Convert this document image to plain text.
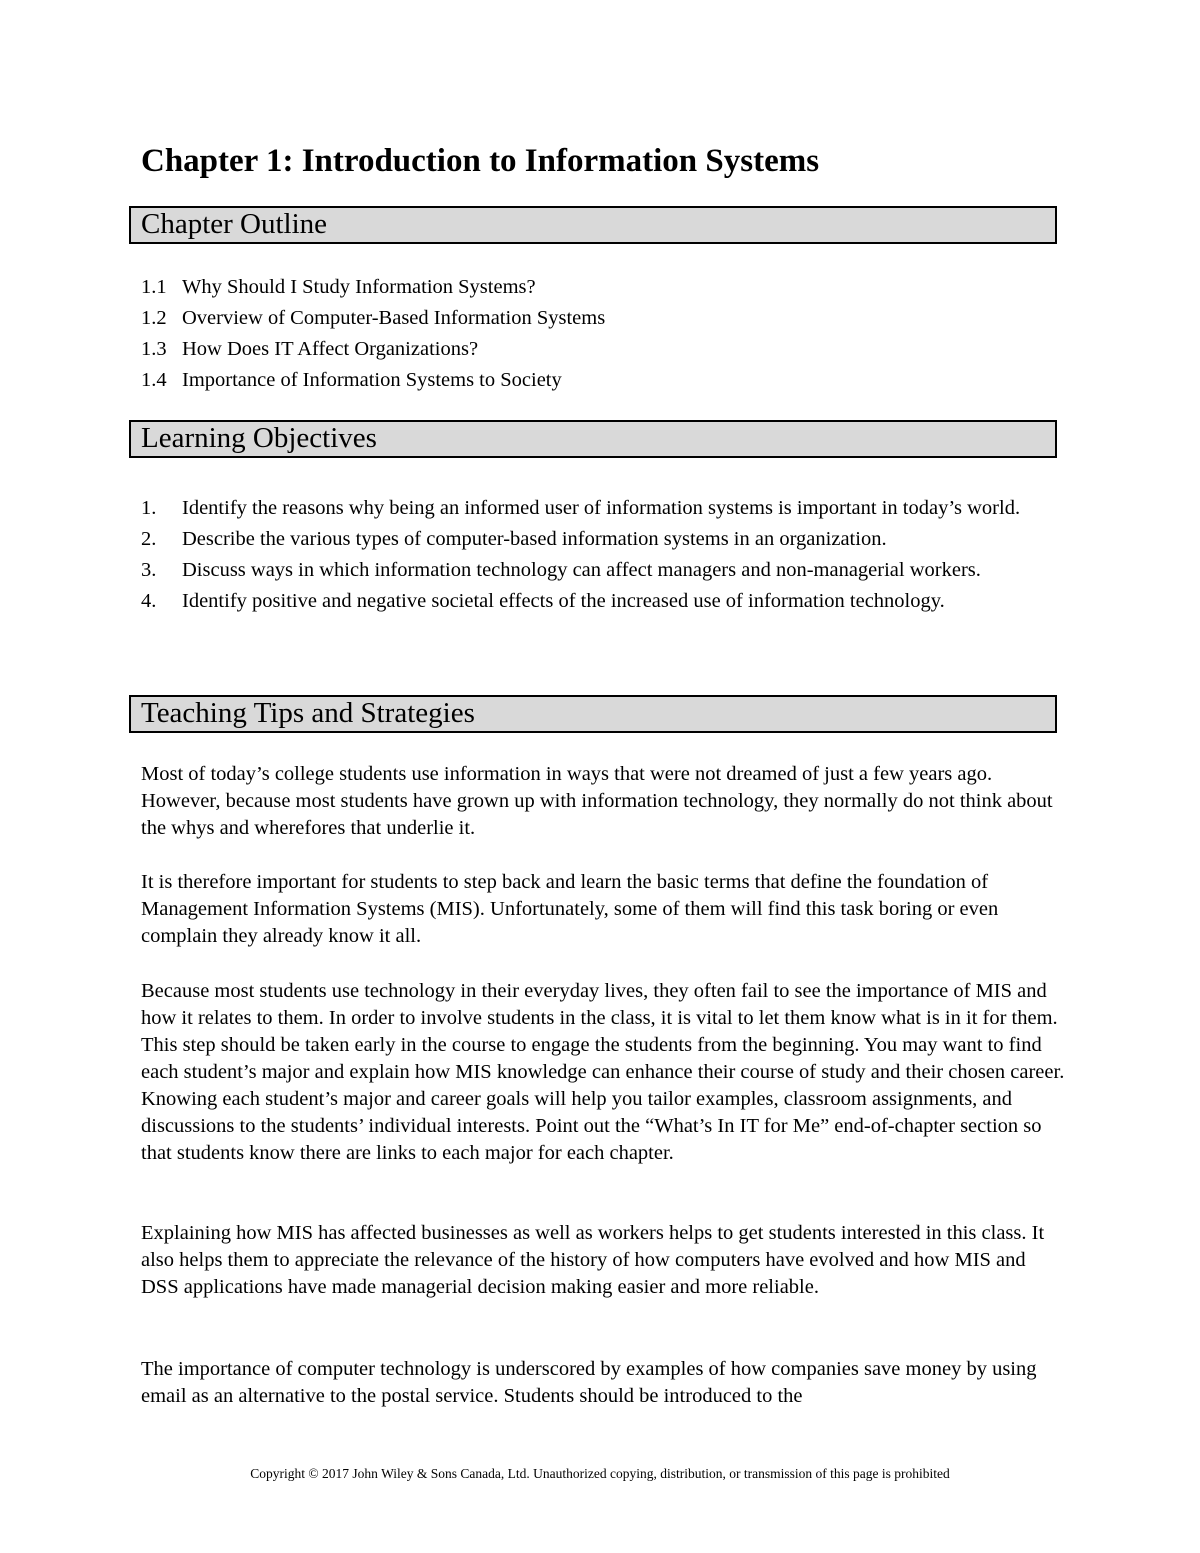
Chapter 1: Introduction to Information Systems
Chapter Outline
1.1 Why Should I Study Information Systems?
1.2 Overview of Computer-Based Information Systems
1.3 How Does IT Affect Organizations?
1.4 Importance of Information Systems to Society
Learning Objectives
1. Identify the reasons why being an informed user of information systems is important in today’s world.
2. Describe the various types of computer-based information systems in an organization.
3. Discuss ways in which information technology can affect managers and non-managerial workers.
4. Identify positive and negative societal effects of the increased use of information technology.
Teaching Tips and Strategies

Most of today’s college students use information in ways that were not dreamed of just a few years ago. However, because most students have grown up with information technology, they normally do not think about the whys and wherefores that underlie it.

It is therefore important for students to step back and learn the basic terms that define the foundation of Management Information Systems (MIS). Unfortunately, some of them will find this task boring or even complain they already know it all.

Because most students use technology in their everyday lives, they often fail to see the importance of MIS and how it relates to them. In order to involve students in the class, it is vital to let them know what is in it for them. This step should be taken early in the course to engage the students from the beginning. You may want to find each student’s major and explain how MIS knowledge can enhance their course of study and their chosen career. Knowing each student’s major and career goals will help you tailor examples, classroom assignments, and discussions to the students’ individual interests. Point out the “What’s In IT for Me” end-of-chapter section so that students know there are links to each major for each chapter.

Explaining how MIS has affected businesses as well as workers helps to get students interested in this class. It also helps them to appreciate the relevance of the history of how computers have evolved and how MIS and DSS applications have made managerial decision making easier and more reliable.

The importance of computer technology is underscored by examples of how companies save money by using email as an alternative to the postal service. Students should be introduced to the

Copyright © 2017 John Wiley & Sons Canada, Ltd. Unauthorized copying, distribution, or transmission of this page is prohibited
